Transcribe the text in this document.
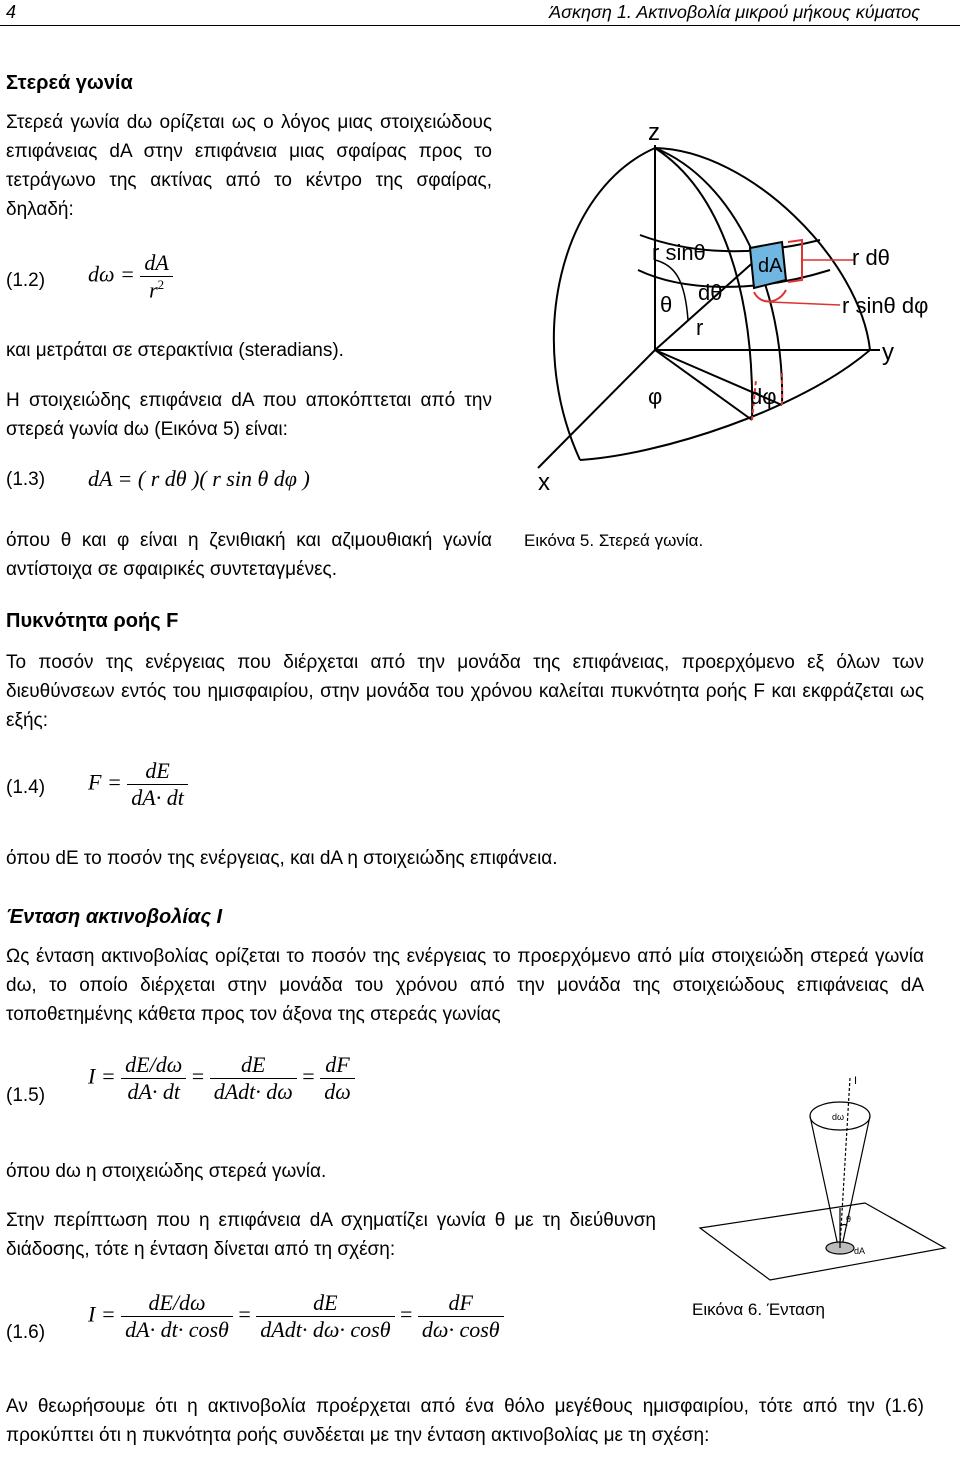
4	Άσκηση 1. Ακτινοβολία μικρού μήκους κύματος
Στερεά γωνία
Στερεά γωνία dω ορίζεται ως ο λόγος μιας στοιχειώδους επιφάνειας dA στην επιφάνεια μιας σφαίρας προς το τετράγωνο της ακτίνας από το κέντρο της σφαίρας, δηλαδή:
(1.2) $d\omega = \frac{dA}{r^2}$
και μετράται σε στερακτίνια (steradians).
Η στοιχειώδης επιφάνεια dA που αποκόπτεται από την στερεά γωνία dω (Εικόνα 5) είναι:
(1.3) dA = ( r dθ )( r sin θ dφ )
όπου θ και φ είναι η ζενιθιακή και αζιμουθιακή γωνία αντίστοιχα σε σφαιρικές συντεταγμένες.
z
y
x
r sinθ
dA	r dθ
dθ
θ
r
r sinθ dφ
φ	dφ
Εικόνα 5. Στερεά γωνία.
Πυκνότητα ροής F
Το ποσόν της ενέργειας που διέρχεται από την μονάδα της επιφάνειας, προερχόμενο εξ όλων των διευθύνσεων εντός του ημισφαιρίου, στην μονάδα του χρόνου καλείται πυκνότητα ροής F και εκφράζεται ως εξής:
(1.4) $F = \frac{dE}{dA\cdot dt}$
όπου dE το ποσόν της ενέργειας, και dA η στοιχειώδης επιφάνεια.
Ένταση ακτινοβολίας I
Ως ένταση ακτινοβολίας ορίζεται το ποσόν της ενέργειας το προερχόμενο από μία στοιχειώδη στερεά γωνία dω, το οποίο διέρχεται στην μονάδα του χρόνου από την μονάδα της στοιχειώδους επιφάνειας dA τοποθετημένης κάθετα προς τον άξονα της στερεάς γωνίας
(1.5)
$I = \frac{dE/d\omega}{dA\cdot dt} = \frac{dE}{\text{dAdt· dω}} = \frac{dF}{d\omega}$
όπου dω η στοιχειώδης στερεά γωνία.
Στην περίπτωση που η επιφάνεια dA σχηματίζει γωνία θ με τη διεύθυνση διάδοσης, τότε η ένταση δίνεται από τη σχέση:
(1.6)
$I = \frac{dE/d\omega}{dA\cdot dt\cdot \cos\theta} = \frac{dE}{\text{dAdt· dω· cosθ}} = \frac{dF}{d\omega\cdot \cos\theta}$
I
dω
θ
dA
Εικόνα 6. Ένταση
Αν θεωρήσουμε ότι η ακτινοβολία προέρχεται από ένα θόλο μεγέθους ημισφαιρίου, τότε από την (1.6) προκύπτει ότι η πυκνότητα ροής συνδέεται με την ένταση ακτινοβολίας με τη σχέση:
